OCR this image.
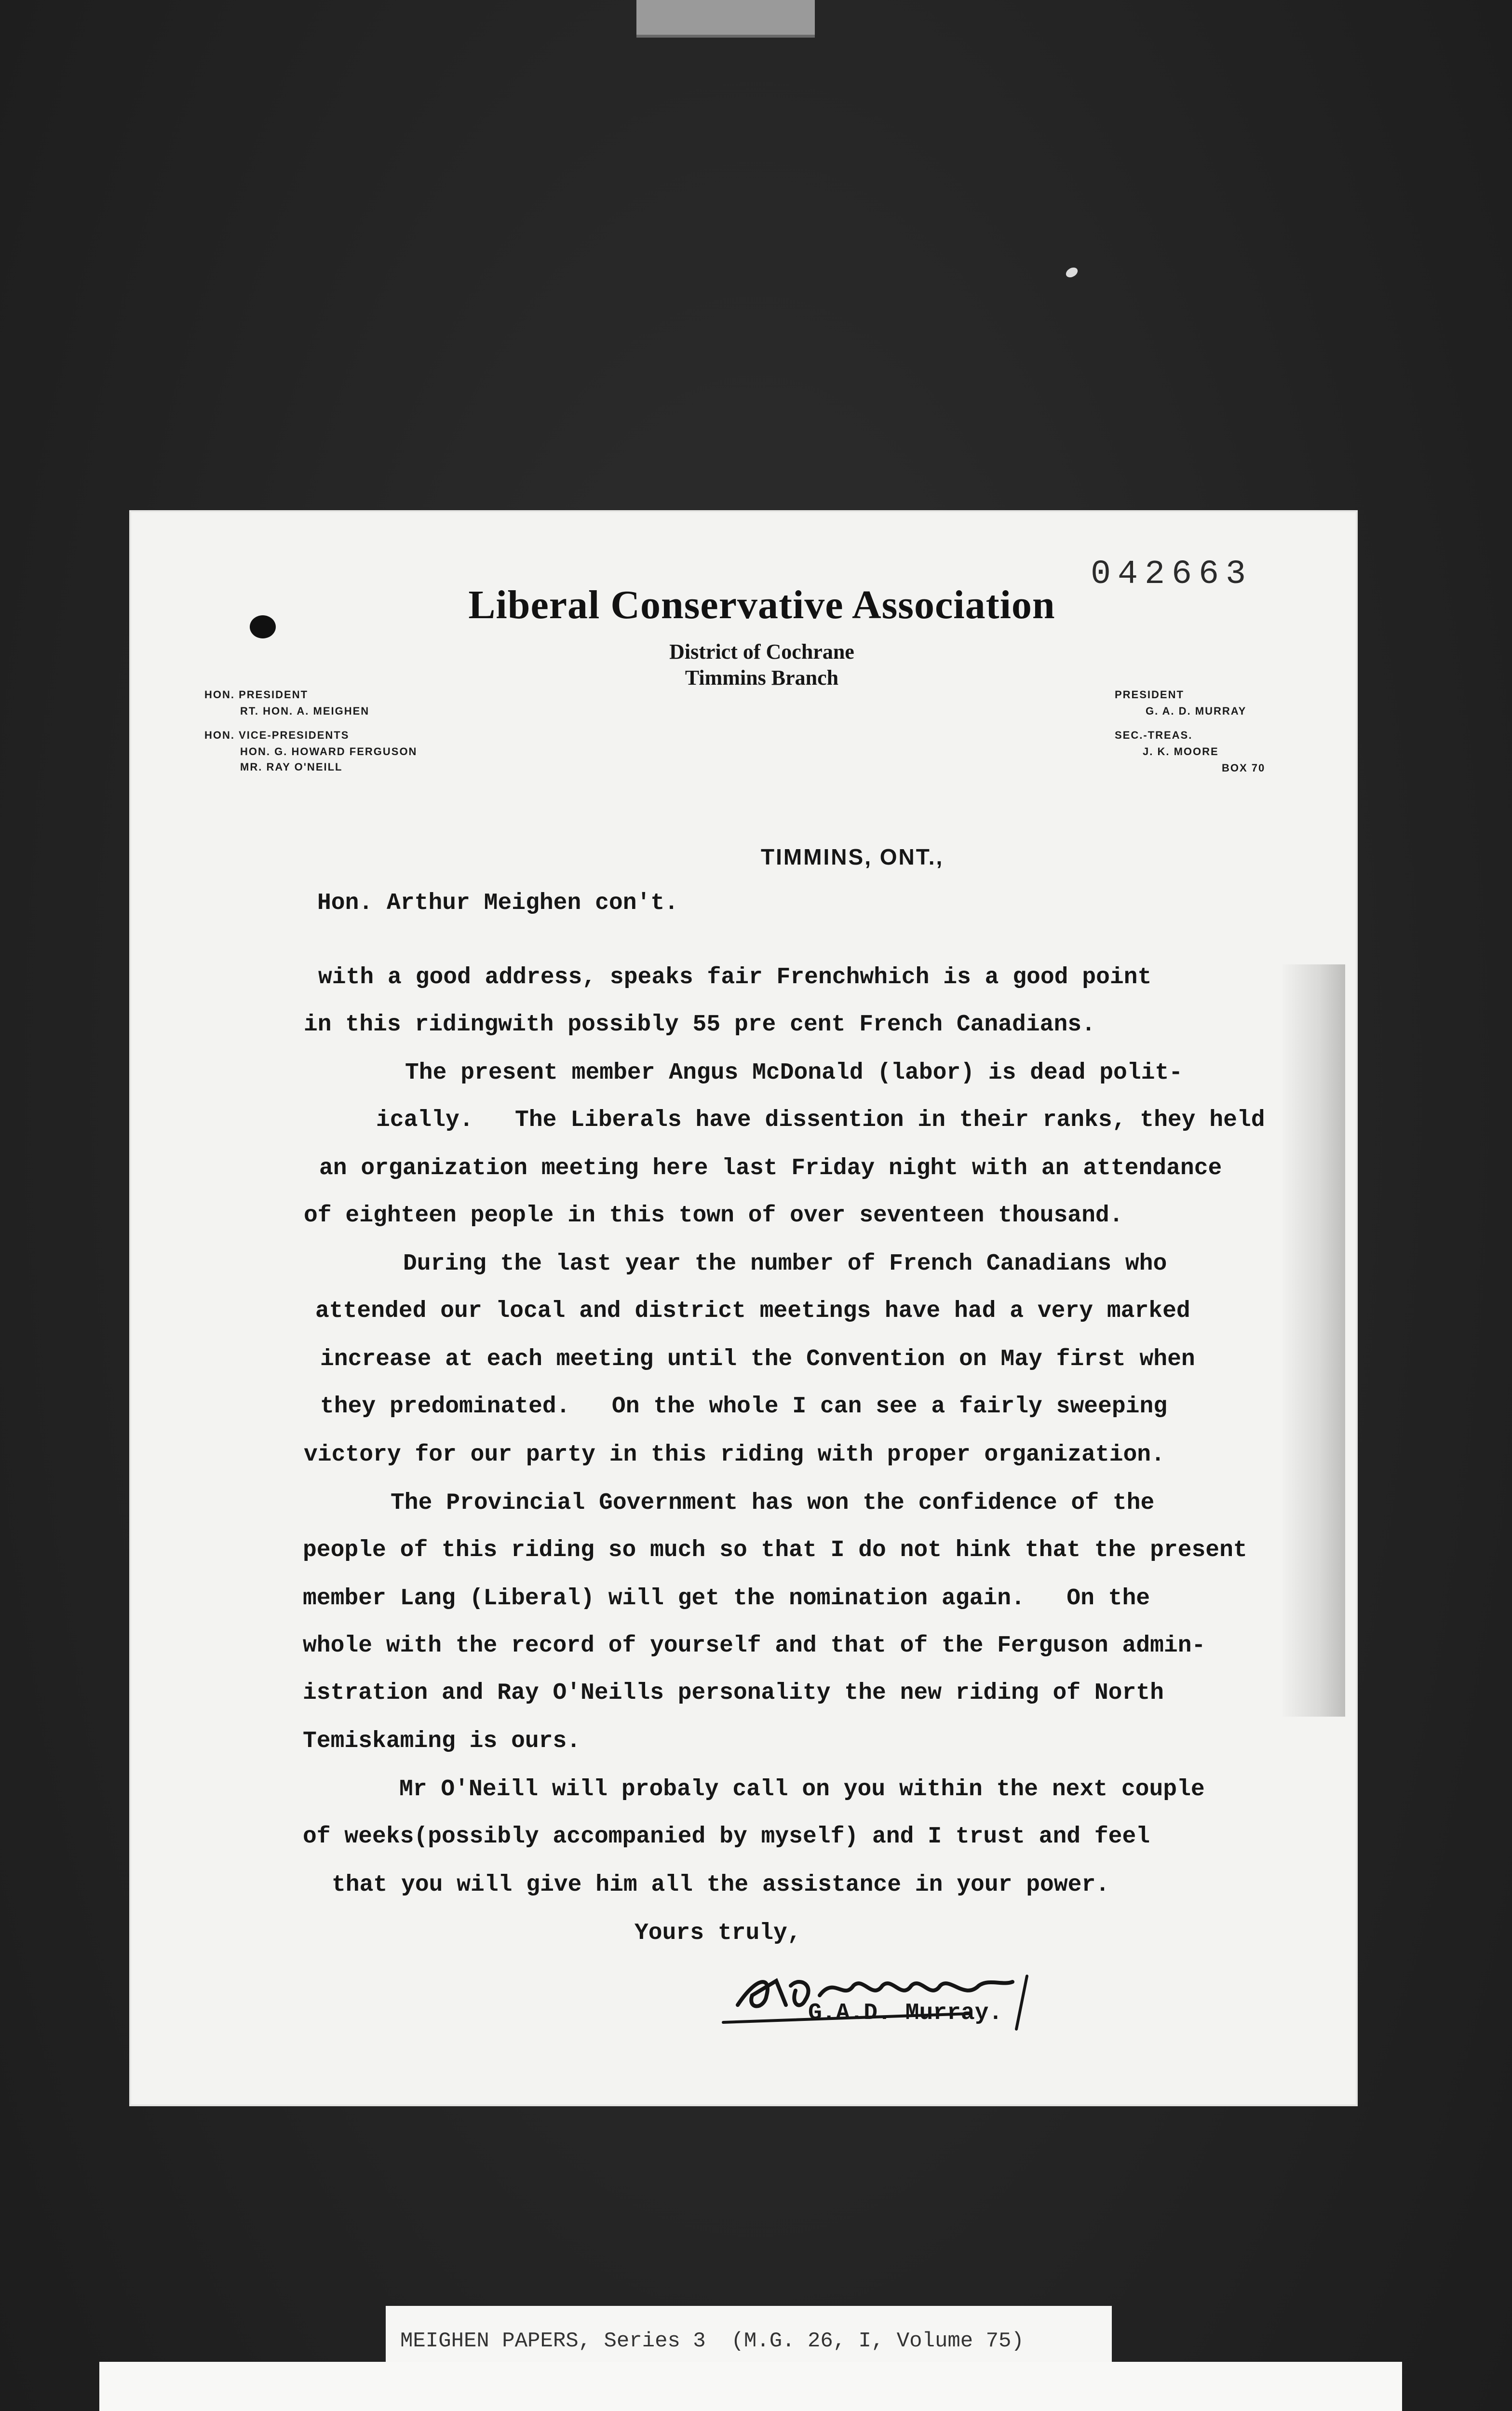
042663
Liberal Conservative Association
District of Cochrane
Timmins Branch
HON. PRESIDENT
RT. HON. A. MEIGHEN
HON. VICE-PRESIDENTS
HON. G. HOWARD FERGUSON
MR. RAY O'NEILL
PRESIDENT
G. A. D. MURRAY
SEC.-TREAS.
J. K. MOORE
BOX 70
TIMMINS, ONT.,
Hon. Arthur Meighen con't.
with a good address, speaks fair Frenchwhich is a good point
in this ridingwith possibly 55 pre cent French Canadians.
The present member Angus McDonald (labor) is dead polit-
ically.   The Liberals have dissention in their ranks, they held
an organization meeting here last Friday night with an attendance
of eighteen people in this town of over seventeen thousand.
During the last year the number of French Canadians who
attended our local and district meetings have had a very marked
increase at each meeting until the Convention on May first when
they predominated.   On the whole I can see a fairly sweeping
victory for our party in this riding with proper organization.
The Provincial Government has won the confidence of the
people of this riding so much so that I do not hink that the present
member Lang (Liberal) will get the nomination again.   On the
whole with the record of yourself and that of the Ferguson admin-
istration and Ray O'Neills personality the new riding of North
Temiskaming is ours.
Mr O'Neill will probaly call on you within the next couple
of weeks(possibly accompanied by myself) and I trust and feel
that you will give him all the assistance in your power.
Yours truly,
G.A.D. Murray.
MEIGHEN PAPERS, Series 3  (M.G. 26, I, Volume 75)
